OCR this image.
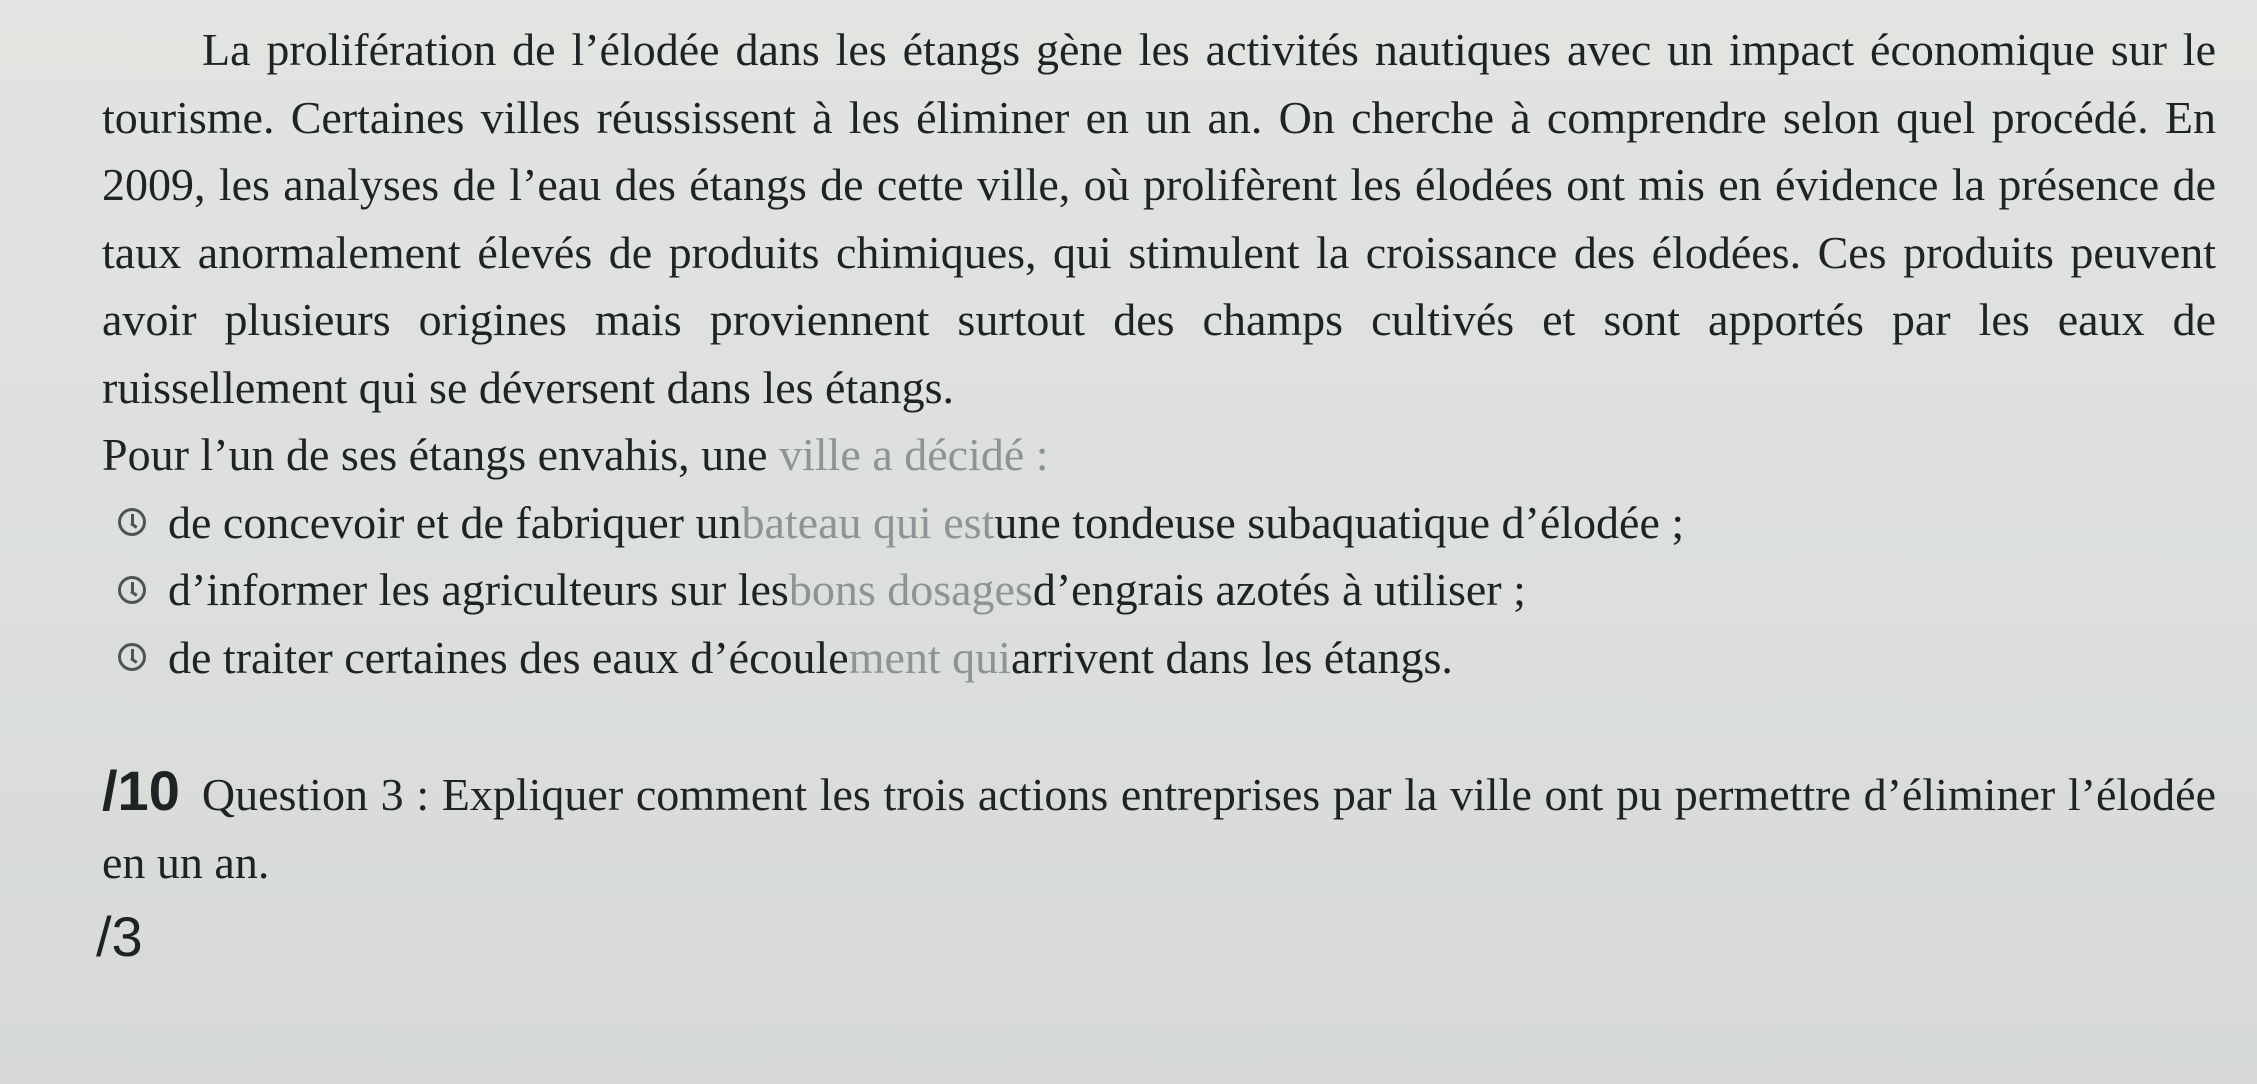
La prolifération de l’élodée dans les étangs gène les activités nautiques avec un impact économique sur le tourisme. Certaines villes réussissent à les éliminer en un an. On cherche à comprendre selon quel procédé. En 2009, les analyses de l’eau des étangs de cette ville, où prolifèrent les élodées ont mis en évidence la présence de taux anormalement élevés de produits chimiques, qui stimulent la croissance des élodées. Ces produits peuvent avoir plusieurs origines mais proviennent surtout des champs cultivés et sont apportés par les eaux de ruissellement qui se déversent dans les étangs.

Pour l’un de ses étangs envahis, une ville a décidé :

de concevoir et de fabriquer un bateau qui est une tondeuse subaquatique d’élodée ;
d’informer les agriculteurs sur les bons dosages d’engrais azotés à utiliser ;
de traiter certaines des eaux d’écoule ment qui arrivent dans les étangs.

/10 Question 3 : Expliquer comment les trois actions entreprises par la ville ont pu permettre d’éliminer l’élodée en un an.

/3
